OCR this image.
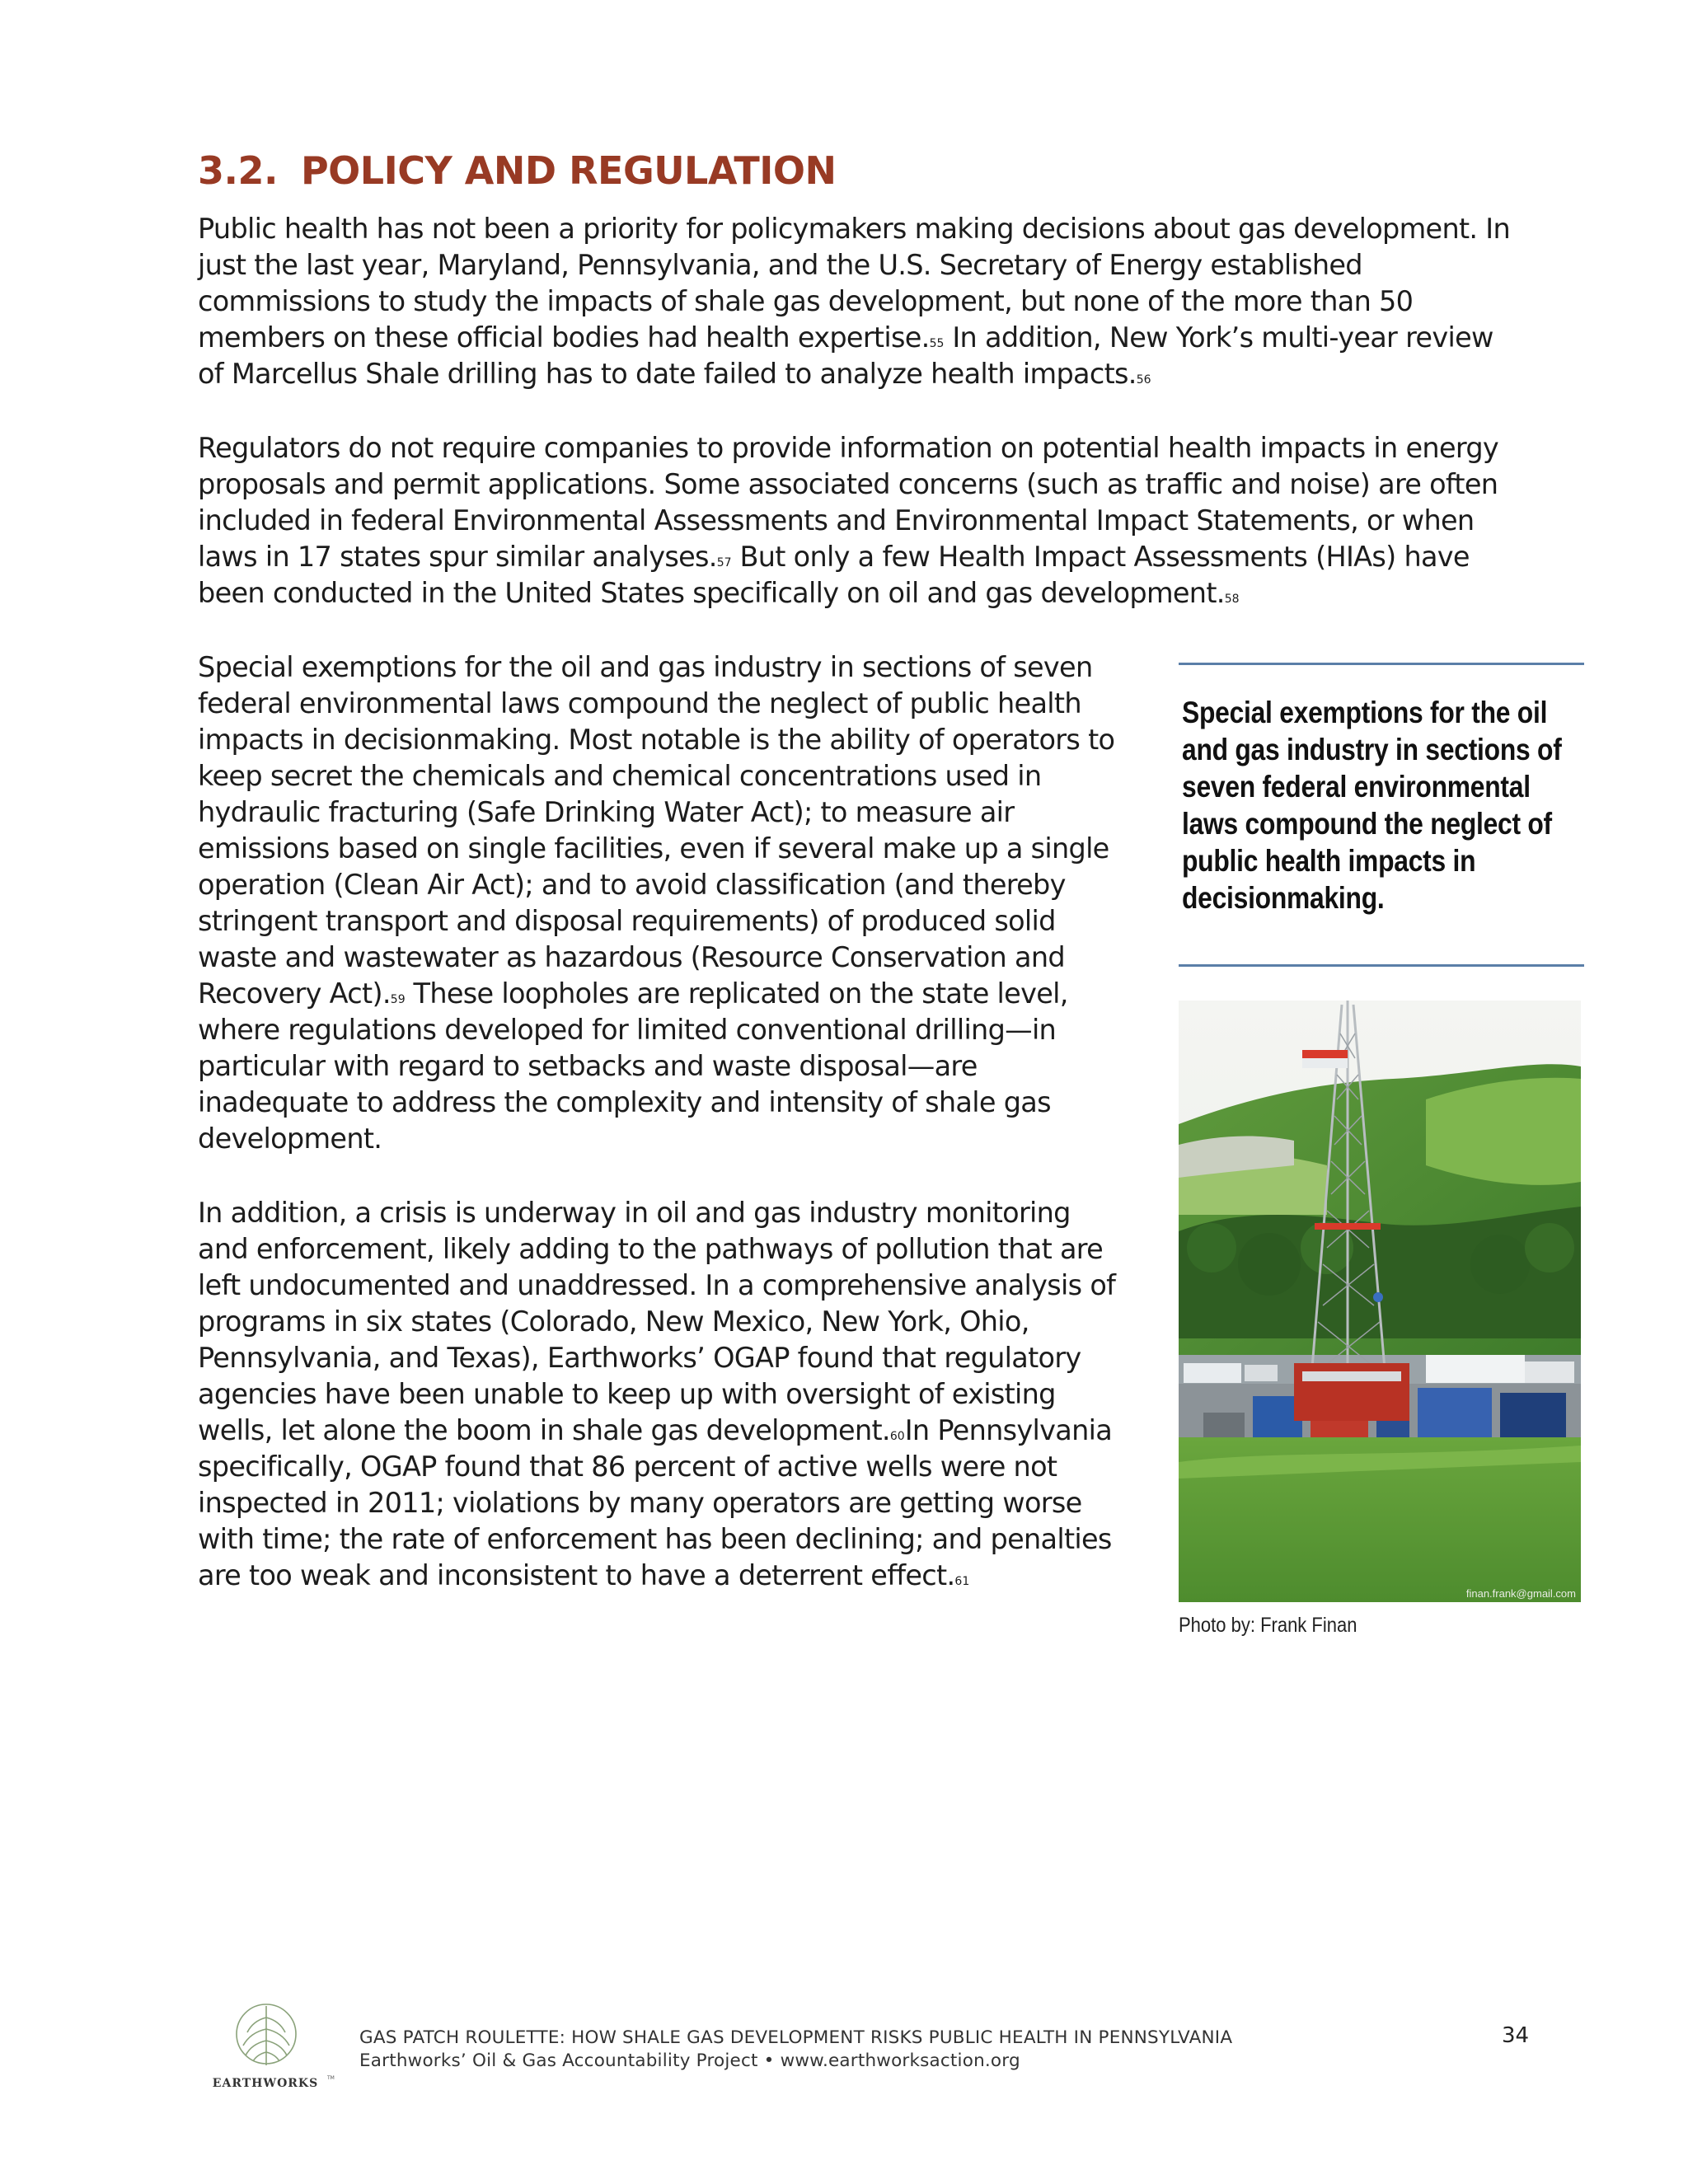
3.2. POLICY AND REGULATION
Public health has not been a priority for policymakers making decisions about gas development. In
just the last year, Maryland, Pennsylvania, and the U.S. Secretary of Energy established
commissions to study the impacts of shale gas development, but none of the more than 50
members on these official bodies had health expertise.55 In addition, New York’s multi-year review
of Marcellus Shale drilling has to date failed to analyze health impacts.56
Regulators do not require companies to provide information on potential health impacts in energy
proposals and permit applications. Some associated concerns (such as traffic and noise) are often
included in federal Environmental Assessments and Environmental Impact Statements, or when
laws in 17 states spur similar analyses.57 But only a few Health Impact Assessments (HIAs) have
been conducted in the United States specifically on oil and gas development.58
Special exemptions for the oil and gas industry in sections of seven
federal environmental laws compound the neglect of public health
impacts in decisionmaking. Most notable is the ability of operators to
keep secret the chemicals and chemical concentrations used in
hydraulic fracturing (Safe Drinking Water Act); to measure air
emissions based on single facilities, even if several make up a single
operation (Clean Air Act); and to avoid classification (and thereby
stringent transport and disposal requirements) of produced solid
waste and wastewater as hazardous (Resource Conservation and
Recovery Act).59 These loopholes are replicated on the state level,
where regulations developed for limited conventional drilling—in
particular with regard to setbacks and waste disposal—are
inadequate to address the complexity and intensity of shale gas
development.
In addition, a crisis is underway in oil and gas industry monitoring
and enforcement, likely adding to the pathways of pollution that are
left undocumented and unaddressed. In a comprehensive analysis of
programs in six states (Colorado, New Mexico, New York, Ohio,
Pennsylvania, and Texas), Earthworks’ OGAP found that regulatory
agencies have been unable to keep up with oversight of existing
wells, let alone the boom in shale gas development.60In Pennsylvania
specifically, OGAP found that 86 percent of active wells were not
inspected in 2011; violations by many operators are getting worse
with time; the rate of enforcement has been declining; and penalties
are too weak and inconsistent to have a deterrent effect.61
Special exemptions for the oil
and gas industry in sections of
seven federal environmental
laws compound the neglect of
public health impacts in
decisionmaking.
finan.frank@gmail.com

Photo by: Frank Finan

EARTHWORKS TM

GAS PATCH ROULETTE: HOW SHALE GAS DEVELOPMENT RISKS PUBLIC HEALTH IN PENNSYLVANIA

Earthworks’ Oil & Gas Accountability Project • www.earthworksaction.org

34
